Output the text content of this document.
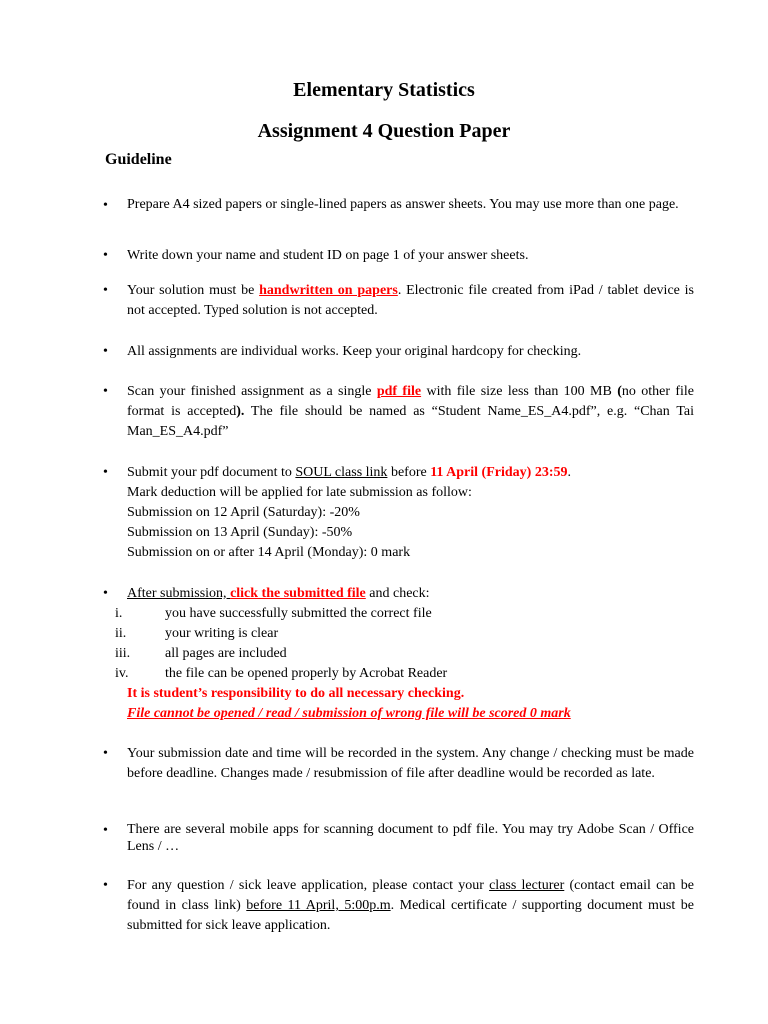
Elementary Statistics
Assignment 4 Question Paper
Guideline
• Prepare A4 sized papers or single-lined papers as answer sheets. You may use more than one page.
• Write down your name and student ID on page 1 of your answer sheets.
• Your solution must be handwritten on papers. Electronic file created from iPad / tablet device is not accepted. Typed solution is not accepted.
• All assignments are individual works. Keep your original hardcopy for checking.
• Scan your finished assignment as a single pdf file with file size less than 100 MB (no other file format is accepted). The file should be named as “Student Name_ES_A4.pdf”, e.g. “Chan Tai Man_ES_A4.pdf”
• Submit your pdf document to SOUL class link before 11 April (Friday) 23:59.

Mark deduction will be applied for late submission as follow:
Submission on 12 April (Saturday): -20%
Submission on 13 April (Sunday): -50%
Submission on or after 14 April (Monday): 0 mark
• After submission, click the submitted file and check:
i.	you have successfully submitted the correct file
ii.	your writing is clear
iii. all pages are included
iv.	the file can be opened properly by Acrobat Reader
It is student’s responsibility to do all necessary checking.
File cannot be opened / read / submission of wrong file will be scored 0 mark
• Your submission date and time will be recorded in the system. Any change / checking must be made before deadline. Changes made / resubmission of file after deadline would be recorded as late.
• There are several mobile apps for scanning document to pdf file. You may try Adobe Scan / Office Lens / …
• For any question / sick leave application, please contact your class lecturer (contact email can be found in class link) before 11 April, 5:00p.m. Medical certificate / supporting document must be submitted for sick leave application.
